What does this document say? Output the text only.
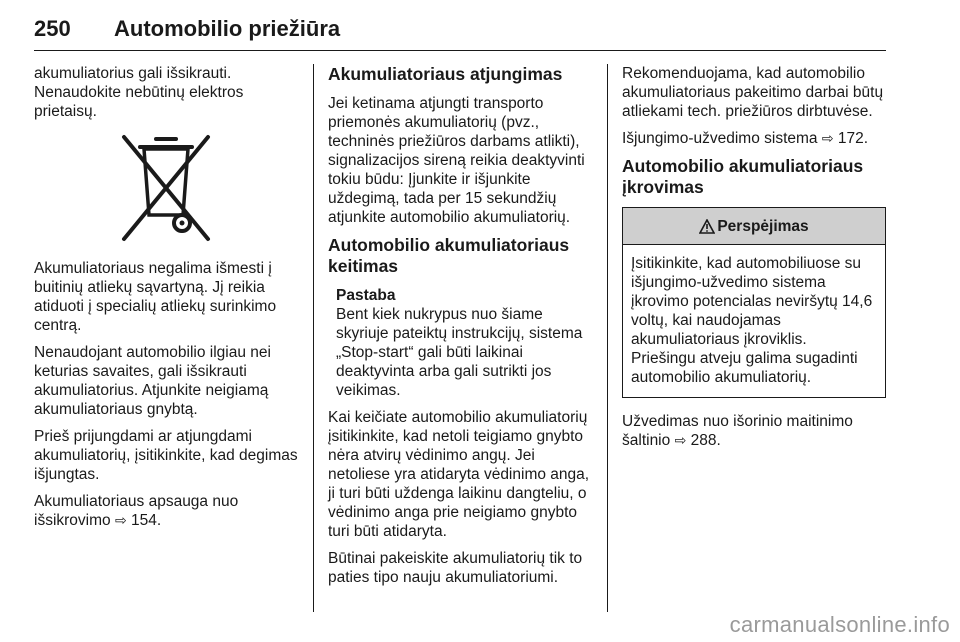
250 Automobilio priežiūra

akumuliatorius gali išsikrauti. Nenaudokite nebūtinų elektros prietaisų.

Akumuliatoriaus negalima išmesti į buitinių atliekų sąvartyną. Jį reikia atiduoti į specialių atliekų surinkimo centrą.

Nenaudojant automobilio ilgiau nei keturias savaites, gali išsikrauti akumuliatorius. Atjunkite neigiamą akumuliatoriaus gnybtą.

Prieš prijungdami ar atjungdami akumuliatorių, įsitikinkite, kad degimas išjungtas.

Akumuliatoriaus apsauga nuo išsikrovimo ⇨ 154.

Akumuliatoriaus atjungimas

Jei ketinama atjungti transporto priemonės akumuliatorių (pvz., techninės priežiūros darbams atlikti), signalizacijos sireną reikia deaktyvinti tokiu būdu: Įjunkite ir išjunkite uždegimą, tada per 15 sekundžių atjunkite automobilio akumuliatorių.

Automobilio akumuliatoriaus keitimas
Pastaba
Bent kiek nukrypus nuo šiame skyriuje pateiktų instrukcijų, sistema „Stop-start“ gali būti laikinai deaktyvinta arba gali sutrikti jos veikimas.

Kai keičiate automobilio akumuliatorių įsitikinkite, kad netoli teigiamo gnybto nėra atvirų vėdinimo angų. Jei netoliese yra atidaryta vėdinimo anga, ji turi būti uždenga laikinu dangteliu, o vėdinimo anga prie neigiamo gnybto turi būti atidaryta.

Būtinai pakeiskite akumuliatorių tik to paties tipo nauju akumuliatoriumi.

Rekomenduojama, kad automobilio akumuliatoriaus pakeitimo darbai būtų atliekami tech. priežiūros dirbtuvėse.

Išjungimo-užvedimo sistema ⇨ 172.

Automobilio akumuliatoriaus įkrovimas
Perspėjimas

Įsitikinkite, kad automobiliuose su išjungimo-užvedimo sistema įkrovimo potencialas neviršytų 14,6 voltų, kai naudojamas akumuliatoriaus įkroviklis.

Priešingu atveju galima sugadinti automobilio akumuliatorių.

Užvedimas nuo išorinio maitinimo šaltinio ⇨ 288.

carmanualsonline.info
